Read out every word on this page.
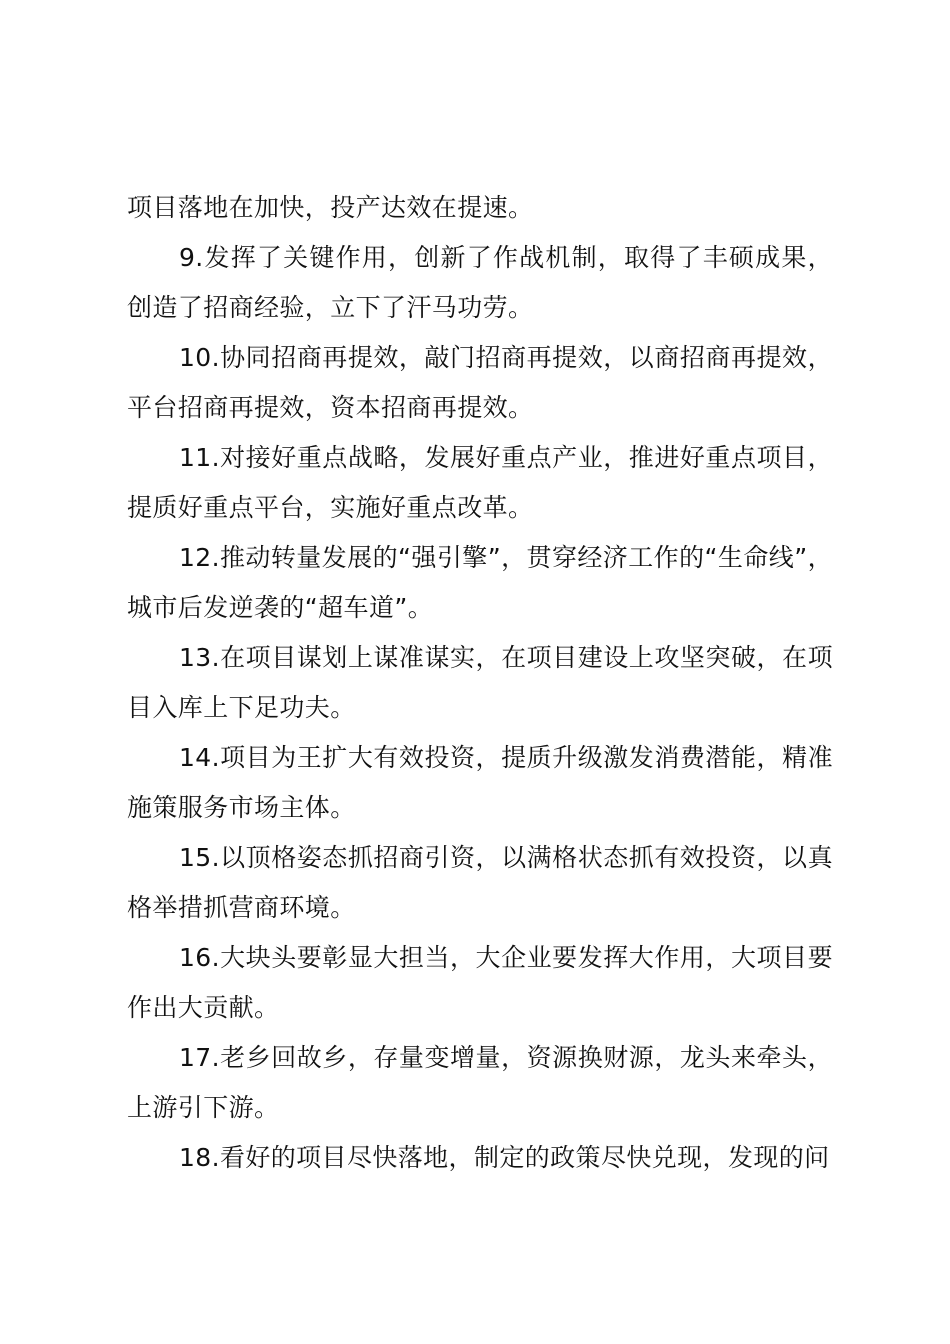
项目落地在加快，投产达效在提速。

9.发挥了关键作用，创新了作战机制，取得了丰硕成果，创造了招商经验，立下了汗马功劳。

10.协同招商再提效，敲门招商再提效，以商招商再提效，平台招商再提效，资本招商再提效。

11.对接好重点战略，发展好重点产业，推进好重点项目，提质好重点平台，实施好重点改革。

12.推动转量发展的“强引擎”，贯穿经济工作的“生命线”，城市后发逆袭的“超车道”。

13.在项目谋划上谋准谋实，在项目建设上攻坚突破，在项目入库上下足功夫。

14.项目为王扩大有效投资，提质升级激发消费潜能，精准施策服务市场主体。

15.以顶格姿态抓招商引资，以满格状态抓有效投资，以真格举措抓营商环境。

16.大块头要彰显大担当，大企业要发挥大作用，大项目要作出大贡献。

17.老乡回故乡，存量变增量，资源换财源，龙头来牵头，上游引下游。

18.看好的项目尽快落地，制定的政策尽快兑现，发现的问
